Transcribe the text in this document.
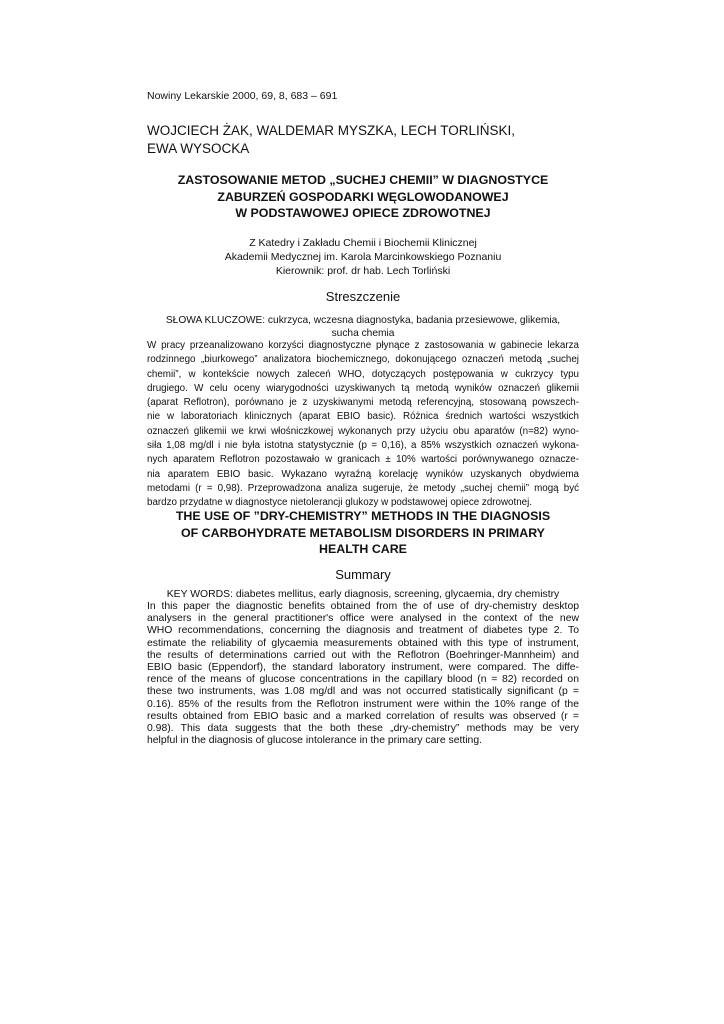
Nowiny Lekarskie 2000, 69, 8, 683 – 691
WOJCIECH ŻAK, WALDEMAR MYSZKA, LECH TORLIŃSKI,
EWA WYSOCKA
ZASTOSOWANIE METOD „SUCHEJ CHEMII” W DIAGNOSTYCE
ZABURZEŃ GOSPODARKI WĘGLOWODANOWEJ
W PODSTAWOWEJ OPIECE ZDROWOTNEJ
Z Katedry i Zakładu Chemii i Biochemii Klinicznej
Akademii Medycznej im. Karola Marcinkowskiego Poznaniu
Kierownik: prof. dr hab. Lech Torliński
Streszczenie
SŁOWA KLUCZOWE: cukrzyca, wczesna diagnostyka, badania przesiewowe, glikemia,
sucha chemia
W pracy przeanalizowano korzyści diagnostyczne płynące z zastosowania w gabinecie lekarza
rodzinnego „biurkowego” analizatora biochemicznego, dokonującego oznaczeń metodą „suchej
chemii”, w kontekście nowych zaleceń WHO, dotyczących postępowania w cukrzycy typu
drugiego. W celu oceny wiarygodności uzyskiwanych tą metodą wyników oznaczeń glikemii
(aparat Reflotron), porównano je z uzyskiwanymi metodą referencyjną, stosowaną powszech-
nie w laboratoriach klinicznych (aparat EBIO basic). Różnica średnich wartości wszystkich
oznaczeń glikemii we krwi włośniczkowej wykonanych przy użyciu obu aparatów (n=82) wyno-
siła 1,08 mg/dl i nie była istotna statystycznie (p = 0,16), a 85% wszystkich oznaczeń wykona-
nych aparatem Reflotron pozostawało w granicach ± 10% wartości porównywanego oznacze-
nia aparatem EBIO basic. Wykazano wyraźną korelację wyników uzyskanych obydwiema
metodami (r = 0,98). Przeprowadzona analiza sugeruje, że metody „suchej chemii” mogą być
bardzo przydatne w diagnostyce nietolerancji glukozy w podstawowej opiece zdrowotnej.
THE USE OF ”DRY-CHEMISTRY” METHODS IN THE DIAGNOSIS
OF CARBOHYDRATE METABOLISM DISORDERS IN PRIMARY
HEALTH CARE
Summary
KEY WORDS: diabetes mellitus, early diagnosis, screening, glycaemia, dry chemistry
In this paper the diagnostic benefits obtained from the of use of dry-chemistry desktop
analysers in the general practitioner's office were analysed in the context of the new
WHO recommendations, concerning the diagnosis and treatment of diabetes type 2. To
estimate the reliability of glycaemia measurements obtained with this type of instrument,
the results of determinations carried out with the Reflotron (Boehringer-Mannheim) and
EBIO basic (Eppendorf), the standard laboratory instrument, were compared. The diffe-
rence of the means of glucose concentrations in the capillary blood (n = 82) recorded on
these two instruments, was 1.08 mg/dl and was not occurred statistically significant (p =
0.16). 85% of the results from the Reflotron instrument were within the 10% range of the
results obtained from EBIO basic and a marked correlation of results was observed (r =
0.98). This data suggests that the both these „dry-chemistry” methods may be very
helpful in the diagnosis of glucose intolerance in the primary care setting.
